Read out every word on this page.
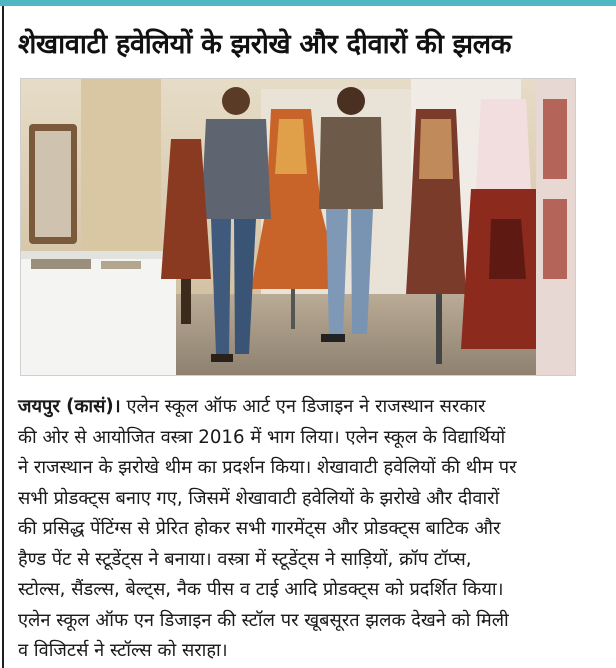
शेखावाटी हवेलियों के झरोखे और दीवारों की झलक
जयपुर (कासं)। एलेन स्कूल ऑफ आर्ट एन डिजाइन ने राजस्थान सरकार
की ओर से आयोजित वस्त्रा 2016 में भाग लिया। एलेन स्कूल के विद्यार्थियों
ने राजस्थान के झरोखे थीम का प्रदर्शन किया। शेखावाटी हवेलियों की थीम पर
सभी प्रोडक्ट्स बनाए गए, जिसमें शेखावाटी हवेलियों के झरोखे और दीवारों
की प्रसिद्ध पेंटिंग्स से प्रेरित होकर सभी गारमेंट्स और प्रोडक्ट्स बाटिक और
हैण्ड पेंट से स्टूडेंट्स ने बनाया। वस्त्रा में स्टूडेंट्स ने साड़ियों, क्रॉप टॉप्स,
स्टोल्स, सैंडल्स, बेल्ट्स, नैक पीस व टाई आदि प्रोडक्ट्स को प्रदर्शित किया।
एलेन स्कूल ऑफ एन डिजाइन की स्टॉल पर खूबसूरत झलक देखने को मिली
व विजिटर्स ने स्टॉल्स को सराहा।
